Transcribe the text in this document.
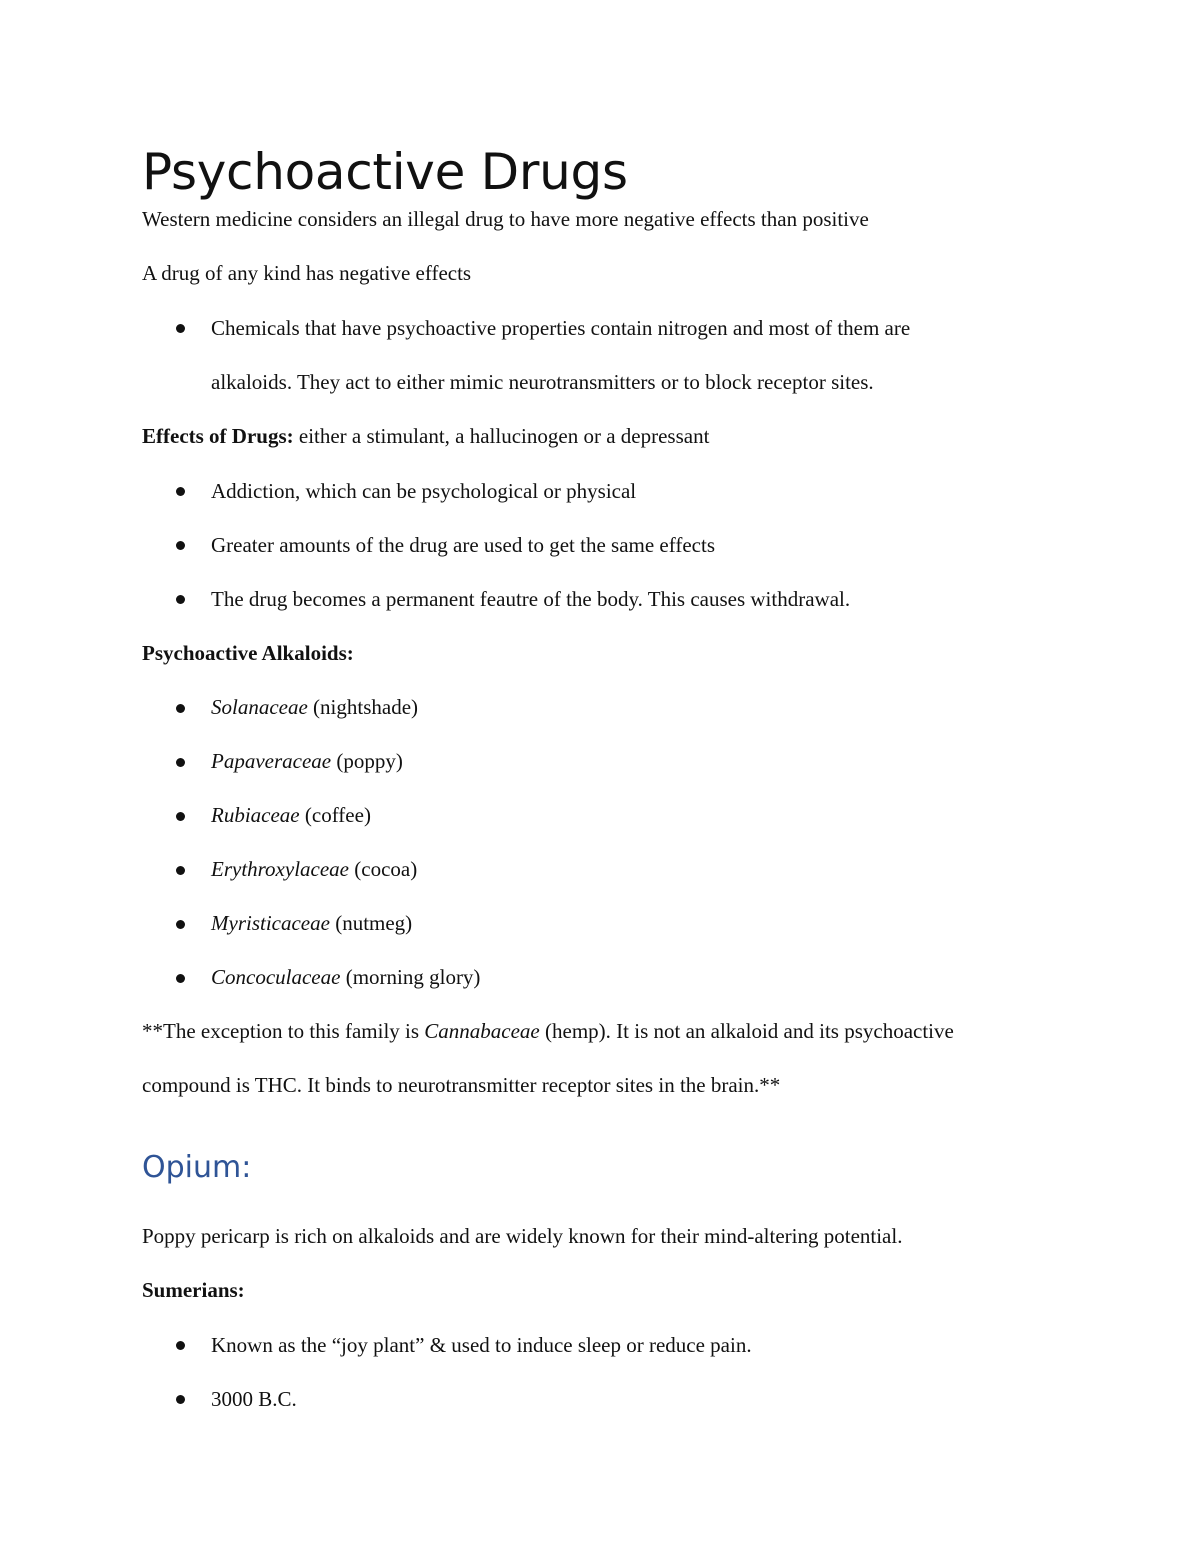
Psychoactive Drugs
Western medicine considers an illegal drug to have more negative effects than positive
A drug of any kind has negative effects
Chemicals that have psychoactive properties contain nitrogen and most of them are
alkaloids. They act to either mimic neurotransmitters or to block receptor sites.
Effects of Drugs: either a stimulant, a hallucinogen or a depressant
Addiction, which can be psychological or physical
Greater amounts of the drug are used to get the same effects
The drug becomes a permanent feautre of the body. This causes withdrawal.
Psychoactive Alkaloids:
Solanaceae (nightshade)
Papaveraceae (poppy)
Rubiaceae (coffee)
Erythroxylaceae (cocoa)
Myristicaceae (nutmeg)
Concoculaceae (morning glory)
**The exception to this family is Cannabaceae (hemp). It is not an alkaloid and its psychoactive
compound is THC. It binds to neurotransmitter receptor sites in the brain.**
Opium:
Poppy pericarp is rich on alkaloids and are widely known for their mind-altering potential.
Sumerians:
Known as the “joy plant” & used to induce sleep or reduce pain.
3000 B.C.
